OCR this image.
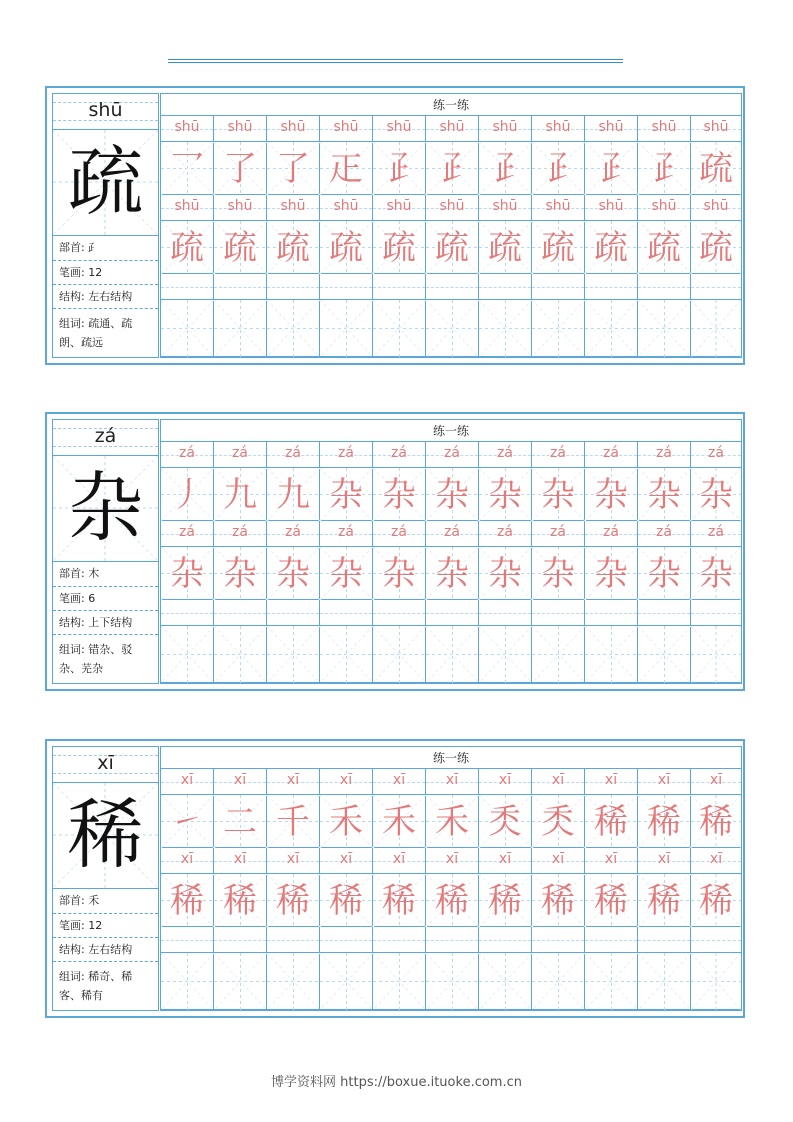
shū
疏
部首: ⺪
笔画: 12
结构: 左右结构
组词: 疏通、疏朗、疏远
练一练
shū	shū	shū	shū	shū	shū	shū	shū	shū	shū	shū
乛 了 了 𤴓 𤴔 𤴔 𤴔 𤴔 𤴔 𤴔 疏
shū	shū	shū	shū	shū	shū	shū	shū	shū	shū	shū
疏 疏 疏 疏 疏 疏 疏 疏 疏 疏 疏
zá
杂
部首: 木
笔画: 6
结构: 上下结构
组词: 错杂、驳杂、芜杂
练一练
zá	zá	zá	zá	zá	zá	zá	zá	zá	zá	zá
丿 九 九 杂 杂 杂 杂 杂 杂 杂 杂
zá	zá	zá	zá	zá	zá	zá	zá	zá	zá	zá
杂 杂 杂 杂 杂 杂 杂 杂 杂 杂 杂
xī
稀
部首: 禾
笔画: 12
结构: 左右结构
组词: 稀奇、稀客、稀有
练一练
xī	xī	xī	xī	xī	xī	xī	xī	xī	xī	xī
㇀ 二 千 禾 禾 禾 秂 秂 稀 稀 稀
xī	xī	xī	xī	xī	xī	xī	xī	xī	xī	xī
稀 稀 稀 稀 稀 稀 稀 稀 稀 稀 稀
博学资料网 https://boxue.ituoke.com.cn
